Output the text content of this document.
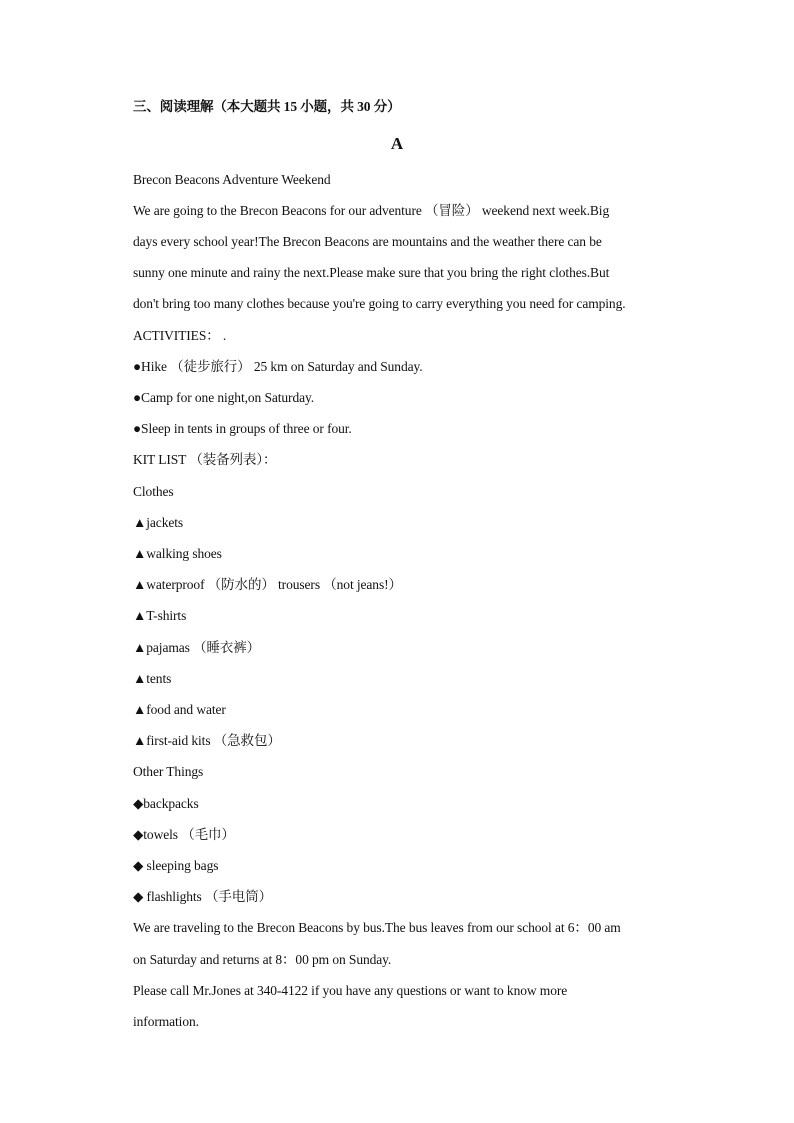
三、阅读理解（本大题共 15 小题，共 30 分）
A
Brecon Beacons Adventure Weekend
We are going to the Brecon Beacons for our adventure （冒险） weekend next week.Big
days every school year!The Brecon Beacons are mountains and the weather there can be
sunny one minute and rainy the next.Please make sure that you bring the right clothes.But
don't bring too many clothes because you're going to carry everything you need for camping.
ACTIVITIES： .
●Hike （徒步旅行） 25 km on Saturday and Sunday.
●Camp for one night,on Saturday.
●Sleep in tents in groups of three or four.
KIT LIST （装备列表）：
Clothes
▲jackets
▲walking shoes
▲waterproof （防水的） trousers （not jeans!）
▲T-shirts
▲pajamas （睡衣裤）
▲tents
▲food and water
▲first-aid kits （急救包）
Other Things
◆backpacks
◆towels （毛巾）
◆ sleeping bags
◆ flashlights （手电筒）
We are traveling to the Brecon Beacons by bus.The bus leaves from our school at 6：00 am
on Saturday and returns at 8：00 pm on Sunday.
Please call Mr.Jones at 340-4122 if you have any questions or want to know more
information.
